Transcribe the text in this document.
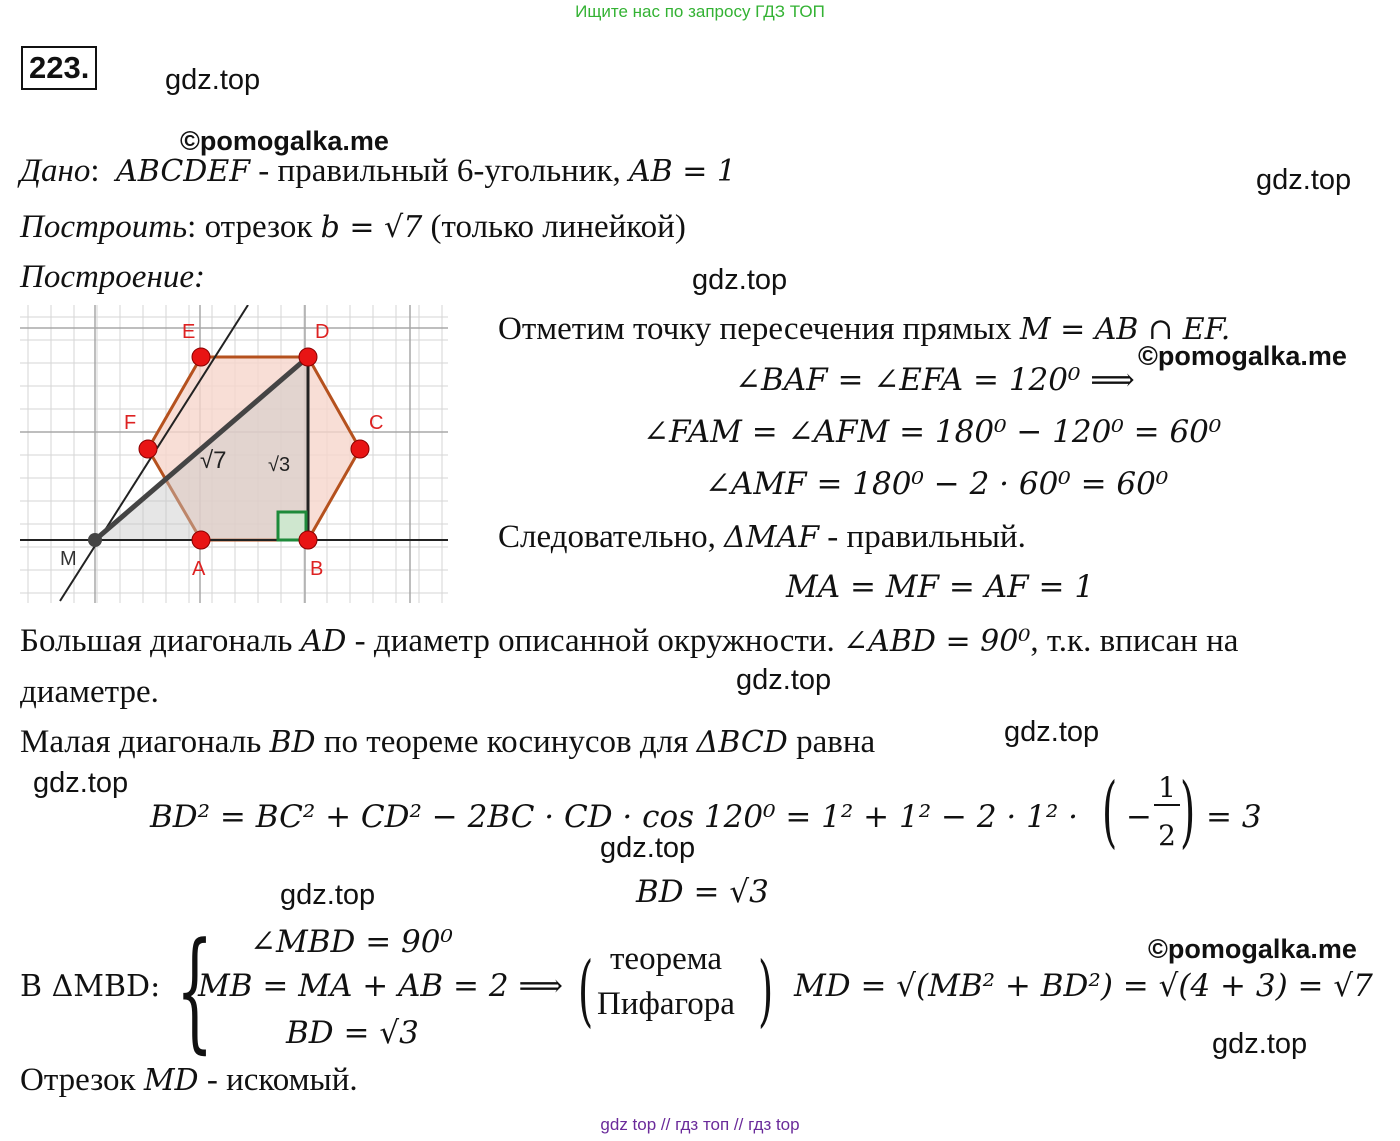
Ищите нас по запросу ГДЗ ТОП
223.	gdz.top
©pomogalka.me
gdz.top
gdz.top
©pomogalka.me
gdz.top
gdz.top
gdz.top
gdz.top
gdz.top
©pomogalka.me
gdz.top
Дано:  ABCDEF - правильный 6-угольник, AB = 1
Построить: отрезок b = √7 (только линейкой)
Построение:
E	D
F	C
A	B
M
√7 √3
Отметим точку пересечения прямых M = AB ∩ EF.
∠BAF = ∠EFA = 120⁰ ⟹
∠FAM = ∠AFM = 180⁰ − 120⁰ = 60⁰
∠AMF = 180⁰ − 2 · 60⁰ = 60⁰
Следовательно, ΔMAF - правильный.
MA = MF = AF = 1
Большая диагональ AD - диаметр описанной окружности. ∠ABD = 90⁰, т.к. вписан на
диаметре.
Малая диагональ BD по теореме косинусов для ΔBCD равна
BD² = BC² + CD² − 2BC · CD · cos 120⁰ = 1² + 1² − 2 · 1² · ( −
1
2 ) = 3
BD = √3
В ΔMBD: { ∠MBD = 90⁰
MB = MA + AB = 2 ⟹
BD = √3 ( теорема
Пифагора ) MD = √(MB² + BD²) = √(4 + 3) = √7
Отрезок MD - искомый.
gdz top // гдз топ // гдз top
